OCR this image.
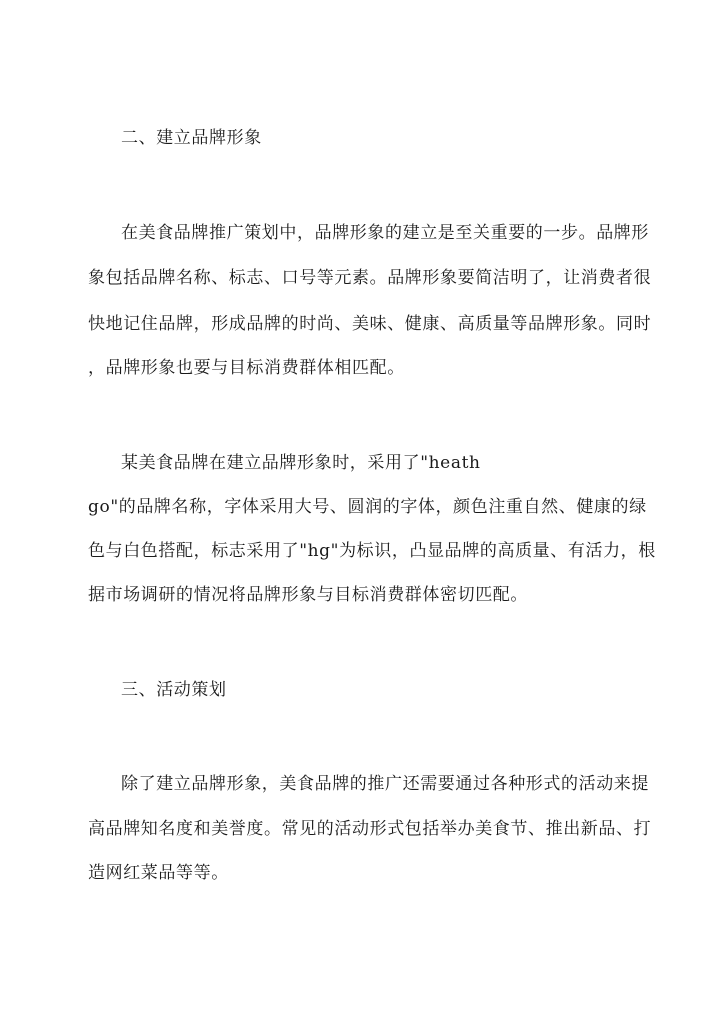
二、建立品牌形象
在美食品牌推广策划中，品牌形象的建立是至关重要的一步。品牌形
象包括品牌名称、标志、口号等元素。品牌形象要简洁明了，让消费者很
快地记住品牌，形成品牌的时尚、美味、健康、高质量等品牌形象。同时
，品牌形象也要与目标消费群体相匹配。
某美食品牌在建立品牌形象时，采用了"heath
go"的品牌名称，字体采用大号、圆润的字体，颜色注重自然、健康的绿
色与白色搭配，标志采用了"hg"为标识，凸显品牌的高质量、有活力，根
据市场调研的情况将品牌形象与目标消费群体密切匹配。
三、活动策划
除了建立品牌形象，美食品牌的推广还需要通过各种形式的活动来提
高品牌知名度和美誉度。常见的活动形式包括举办美食节、推出新品、打
造网红菜品等等。
